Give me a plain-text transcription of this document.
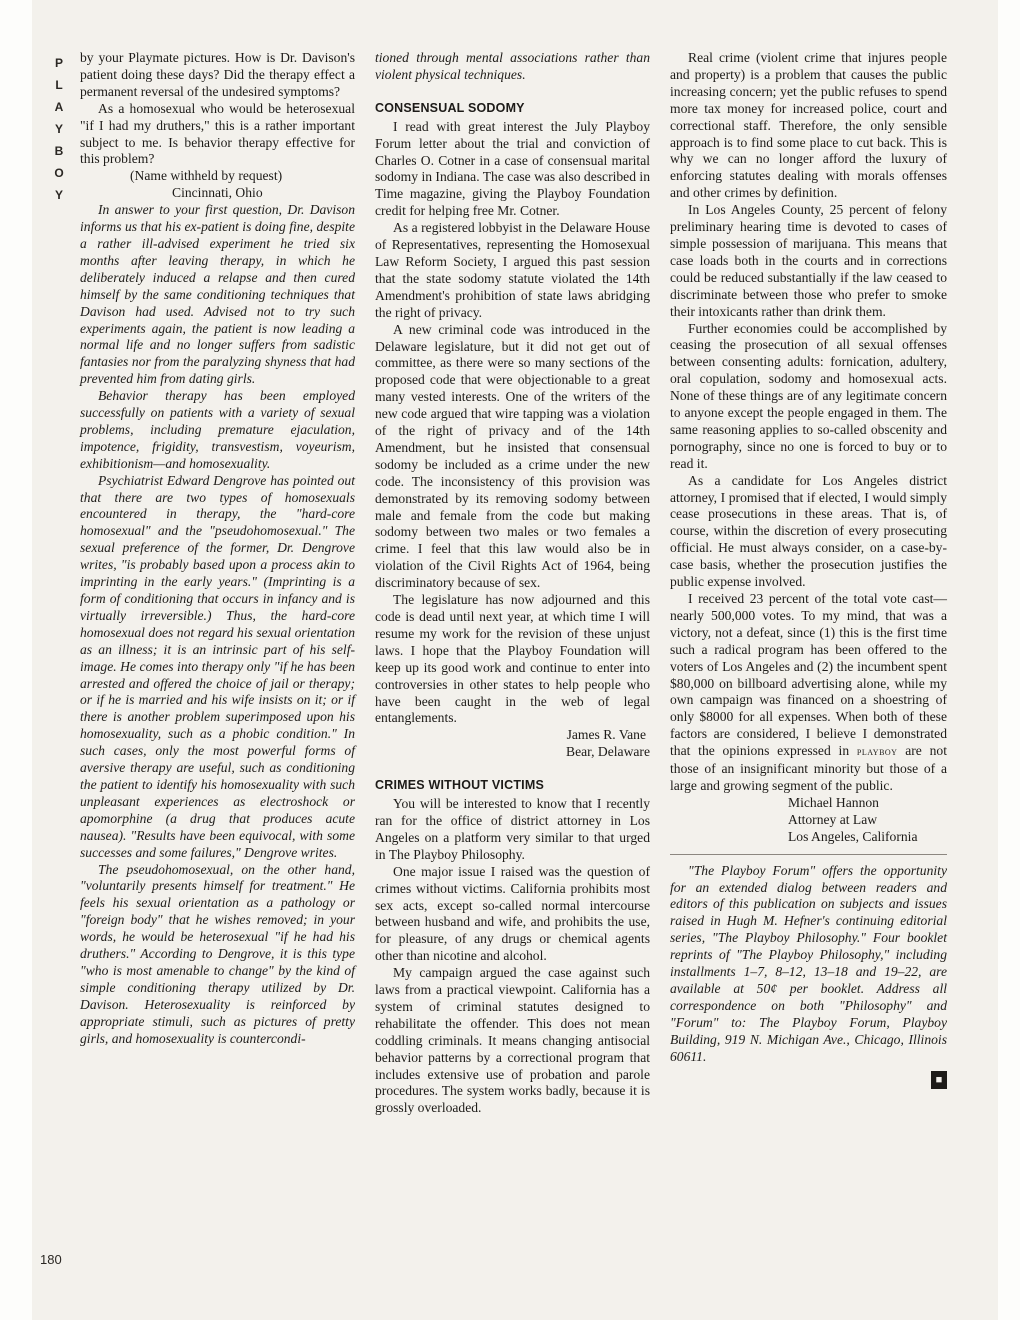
P
L
A
Y
B
O
Y
180

by your Playmate pictures. How is Dr. Davison's patient doing these days? Did the therapy effect a permanent reversal of the undesired symptoms?

As a homosexual who would be heterosexual "if I had my druthers," this is a rather important subject to me. Is behavior therapy effective for this problem?

(Name withheld by request)

Cincinnati, Ohio

In answer to your first question, Dr. Davison informs us that his ex-patient is doing fine, despite a rather ill-advised experiment he tried six months after leaving therapy, in which he deliberately induced a relapse and then cured himself by the same conditioning techniques that Davison had used. Advised not to try such experiments again, the patient is now leading a normal life and no longer suffers from sadistic fantasies nor from the paralyzing shyness that had prevented him from dating girls.

Behavior therapy has been employed successfully on patients with a variety of sexual problems, including premature ejaculation, impotence, frigidity, transvestism, voyeurism, exhibitionism—and homosexuality.

Psychiatrist Edward Dengrove has pointed out that there are two types of homosexuals encountered in therapy, the "hard-core homosexual" and the "pseudohomosexual." The sexual preference of the former, Dr. Dengrove writes, "is probably based upon a process akin to imprinting in the early years." (Imprinting is a form of conditioning that occurs in infancy and is virtually irreversible.) Thus, the hard-core homosexual does not regard his sexual orientation as an illness; it is an intrinsic part of his self-image. He comes into therapy only "if he has been arrested and offered the choice of jail or therapy; or if he is married and his wife insists on it; or if there is another problem superimposed upon his homosexuality, such as a phobic condition." In such cases, only the most powerful forms of aversive therapy are useful, such as conditioning the patient to identify his homosexuality with such unpleasant experiences as electroshock or apomorphine (a drug that produces acute nausea). "Results have been equivocal, with some successes and some failures," Dengrove writes.

The pseudohomosexual, on the other hand, "voluntarily presents himself for treatment." He feels his sexual orientation as a pathology or "foreign body" that he wishes removed; in your words, he would be heterosexual "if he had his druthers." According to Dengrove, it is this type "who is most amenable to change" by the kind of simple conditioning therapy utilized by Dr. Davison. Heterosexuality is reinforced by appropriate stimuli, such as pictures of pretty girls, and homosexuality is countercondi-

tioned through mental associations rather than violent physical techniques.

CONSENSUAL SODOMY

I read with great interest the July Playboy Forum letter about the trial and conviction of Charles O. Cotner in a case of consensual marital sodomy in Indiana. The case was also described in Time magazine, giving the Playboy Foundation credit for helping free Mr. Cotner.

As a registered lobbyist in the Delaware House of Representatives, representing the Homosexual Law Reform Society, I argued this past session that the state sodomy statute violated the 14th Amendment's prohibition of state laws abridging the right of privacy.

A new criminal code was introduced in the Delaware legislature, but it did not get out of committee, as there were so many sections of the proposed code that were objectionable to a great many vested interests. One of the writers of the new code argued that wire tapping was a violation of the right of privacy and of the 14th Amendment, but he insisted that consensual sodomy be included as a crime under the new code. The inconsistency of this provision was demonstrated by its removing sodomy between male and female from the code but making sodomy between two males or two females a crime. I feel that this law would also be in violation of the Civil Rights Act of 1964, being discriminatory because of sex.

The legislature has now adjourned and this code is dead until next year, at which time I will resume my work for the revision of these unjust laws. I hope that the Playboy Foundation will keep up its good work and continue to enter into controversies in other states to help people who have been caught in the web of legal entanglements.

James R. Vane

Bear, Delaware

CRIMES WITHOUT VICTIMS

You will be interested to know that I recently ran for the office of district attorney in Los Angeles on a platform very similar to that urged in The Playboy Philosophy.

One major issue I raised was the question of crimes without victims. California prohibits most sex acts, except so-called normal intercourse between husband and wife, and prohibits the use, for pleasure, of any drugs or chemical agents other than nicotine and alcohol.

My campaign argued the case against such laws from a practical viewpoint. California has a system of criminal statutes designed to rehabilitate the offender. This does not mean coddling criminals. It means changing antisocial behavior patterns by a correctional program that includes extensive use of probation and parole procedures. The system works badly, because it is grossly overloaded.

Real crime (violent crime that injures people and property) is a problem that causes the public increasing concern; yet the public refuses to spend more tax money for increased police, court and correctional staff. Therefore, the only sensible approach is to find some place to cut back. This is why we can no longer afford the luxury of enforcing statutes dealing with morals offenses and other crimes by definition.

In Los Angeles County, 25 percent of felony preliminary hearing time is devoted to cases of simple possession of marijuana. This means that case loads both in the courts and in corrections could be reduced substantially if the law ceased to discriminate between those who prefer to smoke their intoxicants rather than drink them.

Further economies could be accomplished by ceasing the prosecution of all sexual offenses between consenting adults: fornication, adultery, oral copulation, sodomy and homosexual acts. None of these things are of any legitimate concern to anyone except the people engaged in them. The same reasoning applies to so-called obscenity and pornography, since no one is forced to buy or to read it.

As a candidate for Los Angeles district attorney, I promised that if elected, I would simply cease prosecutions in these areas. That is, of course, within the discretion of every prosecuting official. He must always consider, on a case-by-case basis, whether the prosecution justifies the public expense involved.

I received 23 percent of the total vote cast—nearly 500,000 votes. To my mind, that was a victory, not a defeat, since (1) this is the first time such a radical program has been offered to the voters of Los Angeles and (2) the incumbent spent $80,000 on billboard advertising alone, while my own campaign was financed on a shoestring of only $8000 for all expenses. When both of these factors are considered, I believe I demonstrated that the opinions expressed in playboy are not those of an insignificant minority but those of a large and growing segment of the public.

Michael Hannon

Attorney at Law

Los Angeles, California

"The Playboy Forum" offers the opportunity for an extended dialog between readers and editors of this publication on subjects and issues raised in Hugh M. Hefner's continuing editorial series, "The Playboy Philosophy." Four booklet reprints of "The Playboy Philosophy," including installments 1–7, 8–12, 13–18 and 19–22, are available at 50¢ per booklet. Address all correspondence on both "Philosophy" and "Forum" to: The Playboy Forum, Playboy Building, 919 N. Michigan Ave., Chicago, Illinois 60611.

■
